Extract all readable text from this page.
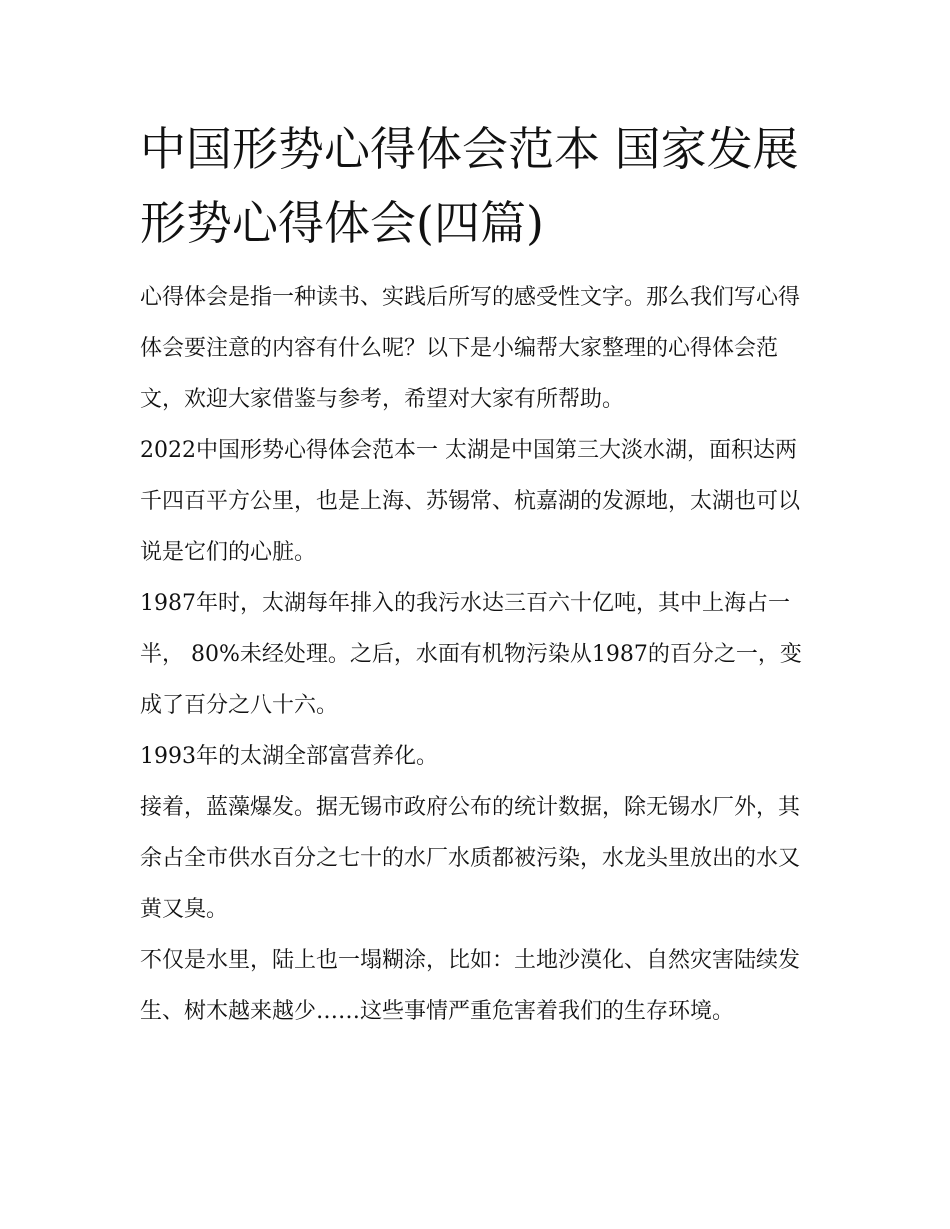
中国形势心得体会范本 国家发展形势心得体会(四篇)

心得体会是指一种读书、实践后所写的感受性文字。那么我们写心得体会要注意的内容有什么呢？以下是小编帮大家整理的心得体会范文，欢迎大家借鉴与参考，希望对大家有所帮助。

2022中国形势心得体会范本一 太湖是中国第三大淡水湖，面积达两千四百平方公里，也是上海、苏锡常、杭嘉湖的发源地，太湖也可以说是它们的心脏。

1987年时，太湖每年排入的我污水达三百六十亿吨，其中上海占一半， 80%未经处理。之后，水面有机物污染从1987的百分之一，变成了百分之八十六。

1993年的太湖全部富营养化。

接着，蓝藻爆发。据无锡市政府公布的统计数据，除无锡水厂外，其余占全市供水百分之七十的水厂水质都被污染，水龙头里放出的水又黄又臭。

不仅是水里，陆上也一塌糊涂，比如：土地沙漠化、自然灾害陆续发生、树木越来越少……这些事情严重危害着我们的生存环境。
